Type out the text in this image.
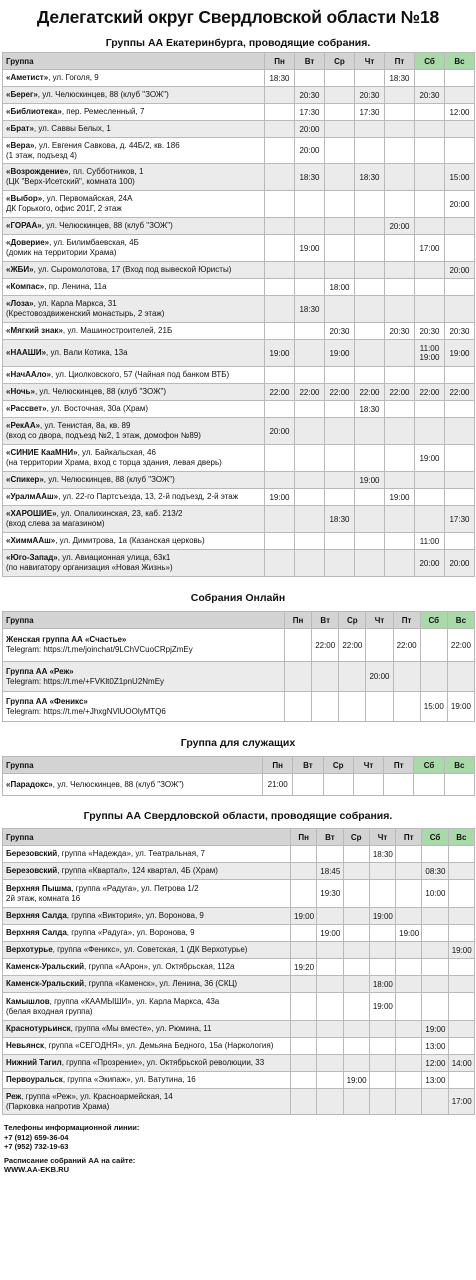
Делегатский округ Свердловской области №18
Группы АА Екатеринбурга, проводящие собрания.
Группа	Пн	Вт	Ср	Чт	Пт	Сб	Вс

«Аметист», ул. Гоголя, 9	18:30				18:30		

«Берег», ул. Челюскинцев, 88 (клуб "ЗОЖ")		20:30		20:30		20:30	

«Библиотека», пер. Ремесленный, 7		17:30		17:30			12:00

«Брат», ул. Саввы Белых, 1		20:00					

«Вера», ул. Евгения Савкова, д. 44Б/2, кв. 186
(1 этаж, подъезд 4)		20:00					

«Возрождение», пл. Субботников, 1
(ЦК "Верх-Исетский", комната 100)		18:30		18:30			15:00

«Выбор», ул. Первомайская, 24А
ДК Горького, офис 201Г, 2 этаж							20:00

«ГОРАА», ул. Челюскинцев, 88 (клуб "ЗОЖ")					20:00		

«Доверие», ул. Билимбаевская, 4Б
(домик на территории Храма)		19:00				17:00	

«ЖБИ», ул. Сыромолотова, 17 (Вход под вывеской Юристы)							20:00

«Компас», пр. Ленина, 11а			18:00				

«Лоза», ул. Карла Маркса, 31
(Крестовоздвиженский монастырь, 2 этаж)		18:30					

«Мягкий знак», ул. Машиностроителей, 21Б			20:30		20:30	20:30	20:30

«НААШИ», ул. Вали Котика, 13а	19:00		19:00			11:00
19:00	19:00

«НачААло», ул. Циолковского, 57 (Чайная под банком ВТБ)							

«Ночь», ул. Челюскинцев, 88 (клуб "ЗОЖ")	22:00	22:00	22:00	22:00	22:00	22:00	22:00

«Рассвет», ул. Восточная, 30а (Храм)				18:30			

«РекАА», ул. Тенистая, 8а, кв. 89
(вход со двора, подъезд №2, 1 этаж, домофон №89)	20:00						

«СИНИЕ КааМНИ», ул. Байкальская, 46
(на территории Храма, вход с торца здания, левая дверь)						19:00	

«Спикер», ул. Челюскинцев, 88 (клуб "ЗОЖ")				19:00			

«УралмААш», ул. 22-го Партсъезда, 13, 2-й подъезд, 2-й этаж	19:00				19:00		

«ХАРОШИЕ», ул. Опалихинская, 23, каб. 213/2
(вход слева за магазином)			18:30				17:30

«ХиммААш», ул. Димитрова, 1а (Казанская церковь)						11:00	

«Юго-Запад», ул. Авиационная улица, 63к1
(по навигатору организация «Новая Жизнь»)						20:00	20:00
Собрания Онлайн
Группа	Пн	Вт	Ср	Чт	Пт	Сб	Вс

Женская группа АА «Счастье»
Telegram: https://t.me/joinchat/9LChVCuoCRpjZmEy		22:00	22:00		22:00		22:00

Группа АА «Реж»
Telegram: https://t.me/+FVKlt0Z1pnU2NmEy				20:00			

Группа АА «Феникс»
Telegram: https://t.me/+JhxgNVlUOOlyMTQ6						15:00	19:00
Группа для служащих
Группа	Пн	Вт	Ср	Чт	Пт	Сб	Вс

«Парадокс», ул. Челюскинцев, 88 (клуб "ЗОЖ")	21:00						
Группы АА Свердловской области, проводящие собрания.
Группа	Пн	Вт	Ср	Чт	Пт	Сб	Вс

Березовский, группа «Надежда», ул. Театральная, 7				18:30			

Березовский, группа «Квартал», 124 квартал, 4Б (Храм)		18:45				08:30	

Верхняя Пышма, группа «Радуга», ул. Петрова 1/2
2й этаж, комната 16		19:30				10:00	

Верхняя Салда, группа «Виктория», ул. Воронова, 9	19:00			19:00			

Верхняя Салда, группа «Радуга», ул. Воронова, 9		19:00			19:00		

Верхотурье, группа «Феникс», ул. Советская, 1 (ДК Верхотурье)							19:00

Каменск-Уральский, группа «ААрон», ул. Октябрьская, 112а	19:20						

Каменск-Уральский, группа «Каменск», ул. Ленина, 36 (СКЦ)				18:00			

Камышлов, группа «КААМЫШИ», ул. Карла Маркса, 43а
(белая входная группа)				19:00			

Краснотурьинск, группа «Мы вместе», ул. Рюмина, 11						19:00	

Невьянск, группа «СЕГОДНЯ», ул. Демьяна Бедного, 15а (Наркология)						13:00	

Нижний Тагил, группа «Прозрение», ул. Октябрьской революции, 33						12:00	14:00

Первоуральск, группа «Экипаж», ул. Ватутина, 16			19:00			13:00	

Реж, группа «Реж», ул. Красноармейская, 14
(Парковка напротив Храма)							17:00
Телефоны информационной линии:
+7 (912) 659-36-04
+7 (952) 732-19-63
Расписание собраний АА на сайте:
WWW.AA-EKB.RU
